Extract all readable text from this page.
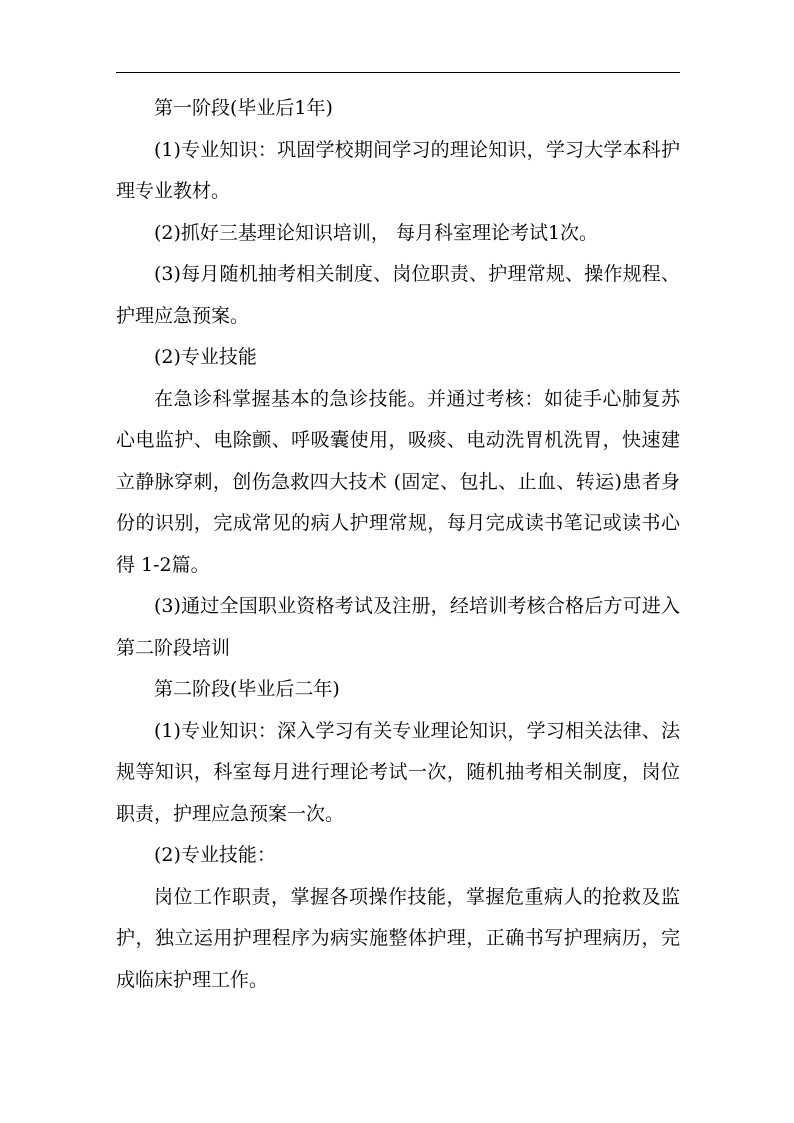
第一阶段(毕业后1年)

(1)专业知识：巩固学校期间学习的理论知识，学习大学本科护理专业教材。

(2)抓好三基理论知识培训， 每月科室理论考试1次。

(3)每月随机抽考相关制度、岗位职责、护理常规、操作规程、护理应急预案。

(2)专业技能

在急诊科掌握基本的急诊技能。并通过考核：如徒手心肺复苏心电监护、电除颤、呼吸囊使用，吸痰、电动洗胃机洗胃，快速建立静脉穿刺，创伤急救四大技术 (固定、包扎、止血、转运)患者身份的识别，完成常见的病人护理常规，每月完成读书笔记或读书心得 1-2篇。

(3)通过全国职业资格考试及注册，经培训考核合格后方可进入第二阶段培训

第二阶段(毕业后二年)

(1)专业知识：深入学习有关专业理论知识，学习相关法律、法规等知识，科室每月进行理论考试一次，随机抽考相关制度，岗位职责，护理应急预案一次。

(2)专业技能：

岗位工作职责，掌握各项操作技能，掌握危重病人的抢救及监护，独立运用护理程序为病实施整体护理，正确书写护理病历，完成临床护理工作。
